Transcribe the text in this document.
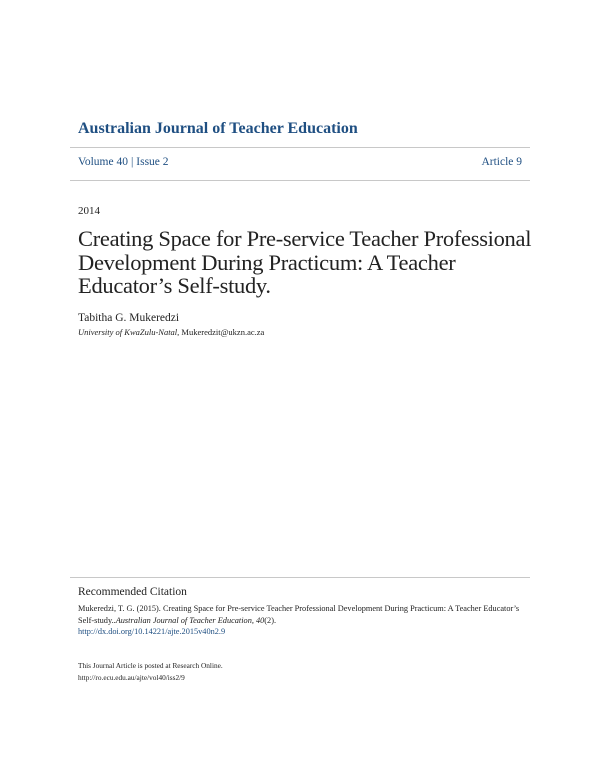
Australian Journal of Teacher Education
Volume 40 | Issue 2	Article 9
2014
Creating Space for Pre-service Teacher Professional Development During Practicum: A Teacher Educator’s Self-study.
Tabitha G. Mukeredzi
University of KwaZulu-Natal, Mukeredzit@ukzn.ac.za
Recommended Citation
Mukeredzi, T. G. (2015). Creating Space for Pre-service Teacher Professional Development During Practicum: A Teacher Educator’s Self-study..Australian Journal of Teacher Education, 40(2).
http://dx.doi.org/10.14221/ajte.2015v40n2.9
This Journal Article is posted at Research Online.
http://ro.ecu.edu.au/ajte/vol40/iss2/9
